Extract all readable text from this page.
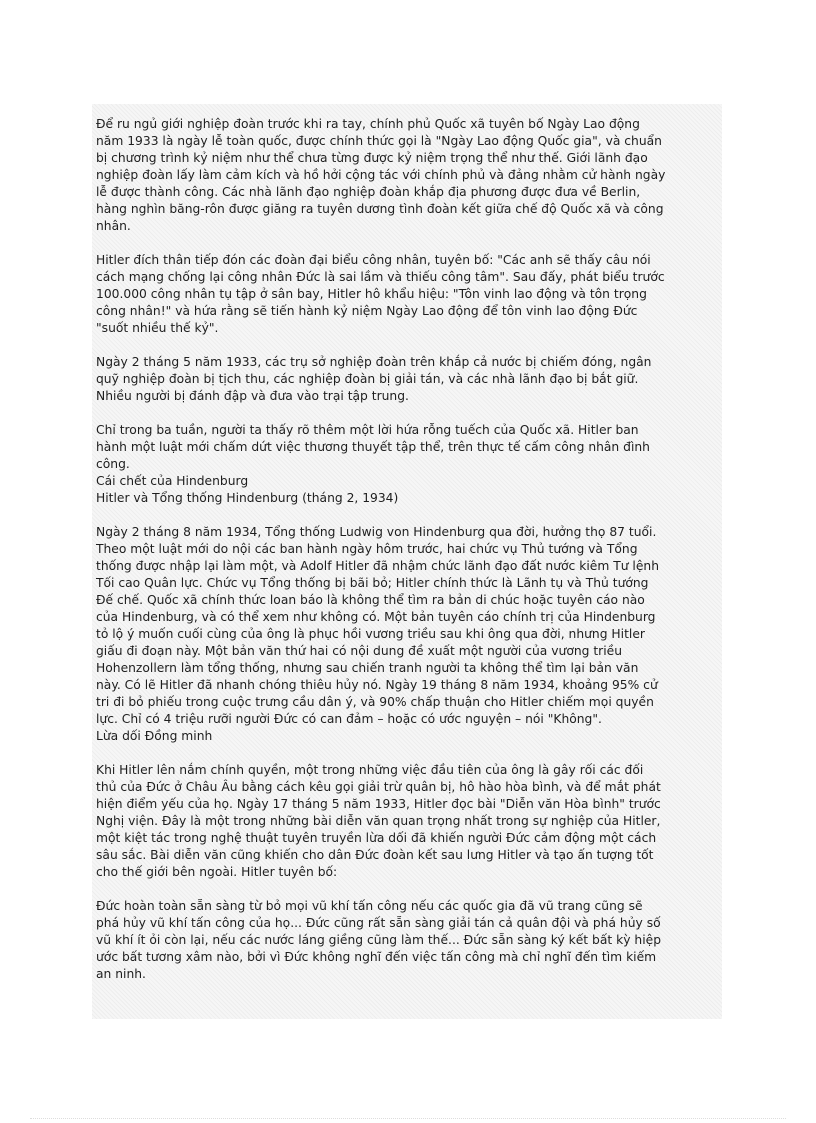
Để ru ngủ giới nghiệp đoàn trước khi ra tay, chính phủ Quốc xã tuyên bố Ngày Lao động
năm 1933 là ngày lễ toàn quốc, được chính thức gọi là "Ngày Lao động Quốc gia", và chuẩn
bị chương trình kỷ niệm như thể chưa từng được kỷ niệm trọng thể như thế. Giới lãnh đạo
nghiệp đoàn lấy làm cảm kích và hồ hởi cộng tác với chính phủ và đảng nhằm cử hành ngày
lễ được thành công. Các nhà lãnh đạo nghiệp đoàn khắp địa phương được đưa về Berlin,
hàng nghìn băng-rôn được giăng ra tuyên dương tình đoàn kết giữa chế độ Quốc xã và công
nhân.

Hitler đích thân tiếp đón các đoàn đại biểu công nhân, tuyên bố: "Các anh sẽ thấy câu nói
cách mạng chống lại công nhân Đức là sai lầm và thiếu công tâm". Sau đấy, phát biểu trước
100.000 công nhân tụ tập ở sân bay, Hitler hô khẩu hiệu: "Tôn vinh lao động và tôn trọng
công nhân!" và hứa rằng sẽ tiến hành kỷ niệm Ngày Lao động để tôn vinh lao động Đức
"suốt nhiều thế kỷ".

Ngày 2 tháng 5 năm 1933, các trụ sở nghiệp đoàn trên khắp cả nước bị chiếm đóng, ngân
quỹ nghiệp đoàn bị tịch thu, các nghiệp đoàn bị giải tán, và các nhà lãnh đạo bị bắt giữ.
Nhiều người bị đánh đập và đưa vào trại tập trung.

Chỉ trong ba tuần, người ta thấy rõ thêm một lời hứa rỗng tuếch của Quốc xã. Hitler ban
hành một luật mới chấm dứt việc thương thuyết tập thể, trên thực tế cấm công nhân đình
công.

Cái chết của Hindenburg

Hitler và Tổng thống Hindenburg (tháng 2, 1934)

Ngày 2 tháng 8 năm 1934, Tổng thống Ludwig von Hindenburg qua đời, hưởng thọ 87 tuổi.
Theo một luật mới do nội các ban hành ngày hôm trước, hai chức vụ Thủ tướng và Tổng
thống được nhập lại làm một, và Adolf Hitler đã nhậm chức lãnh đạo đất nước kiêm Tư lệnh
Tối cao Quân lực. Chức vụ Tổng thống bị bãi bỏ; Hitler chính thức là Lãnh tụ và Thủ tướng
Đế chế. Quốc xã chính thức loan báo là không thể tìm ra bản di chúc hoặc tuyên cáo nào
của Hindenburg, và có thể xem như không có. Một bản tuyên cáo chính trị của Hindenburg
tỏ lộ ý muốn cuối cùng của ông là phục hồi vương triều sau khi ông qua đời, nhưng Hitler
giấu đi đoạn này. Một bản văn thứ hai có nội dung đề xuất một người của vương triều
Hohenzollern làm tổng thống, nhưng sau chiến tranh người ta không thể tìm lại bản văn
này. Có lẽ Hitler đã nhanh chóng thiêu hủy nó. Ngày 19 tháng 8 năm 1934, khoảng 95% cử
tri đi bỏ phiếu trong cuộc trưng cầu dân ý, và 90% chấp thuận cho Hitler chiếm mọi quyền
lực. Chỉ có 4 triệu rưỡi người Đức có can đảm – hoặc có ước nguyện – nói "Không".

Lừa dối Đồng minh

Khi Hitler lên nắm chính quyền, một trong những việc đầu tiên của ông là gây rối các đối
thủ của Đức ở Châu Âu bằng cách kêu gọi giải trừ quân bị, hô hào hòa bình, và để mắt phát
hiện điểm yếu của họ. Ngày 17 tháng 5 năm 1933, Hitler đọc bài "Diễn văn Hòa bình" trước
Nghị viện. Đây là một trong những bài diễn văn quan trọng nhất trong sự nghiệp của Hitler,
một kiệt tác trong nghệ thuật tuyên truyền lừa dối đã khiến người Đức cảm động một cách
sâu sắc. Bài diễn văn cũng khiến cho dân Đức đoàn kết sau lưng Hitler và tạo ấn tượng tốt
cho thế giới bên ngoài. Hitler tuyên bố:

Đức hoàn toàn sẵn sàng từ bỏ mọi vũ khí tấn công nếu các quốc gia đã vũ trang cũng sẽ
phá hủy vũ khí tấn công của họ... Đức cũng rất sẵn sàng giải tán cả quân đội và phá hủy số
vũ khí ít ỏi còn lại, nếu các nước láng giềng cũng làm thế... Đức sẵn sàng ký kết bất kỳ hiệp
ước bất tương xâm nào, bởi vì Đức không nghĩ đến việc tấn công mà chỉ nghĩ đến tìm kiếm
an ninh.
